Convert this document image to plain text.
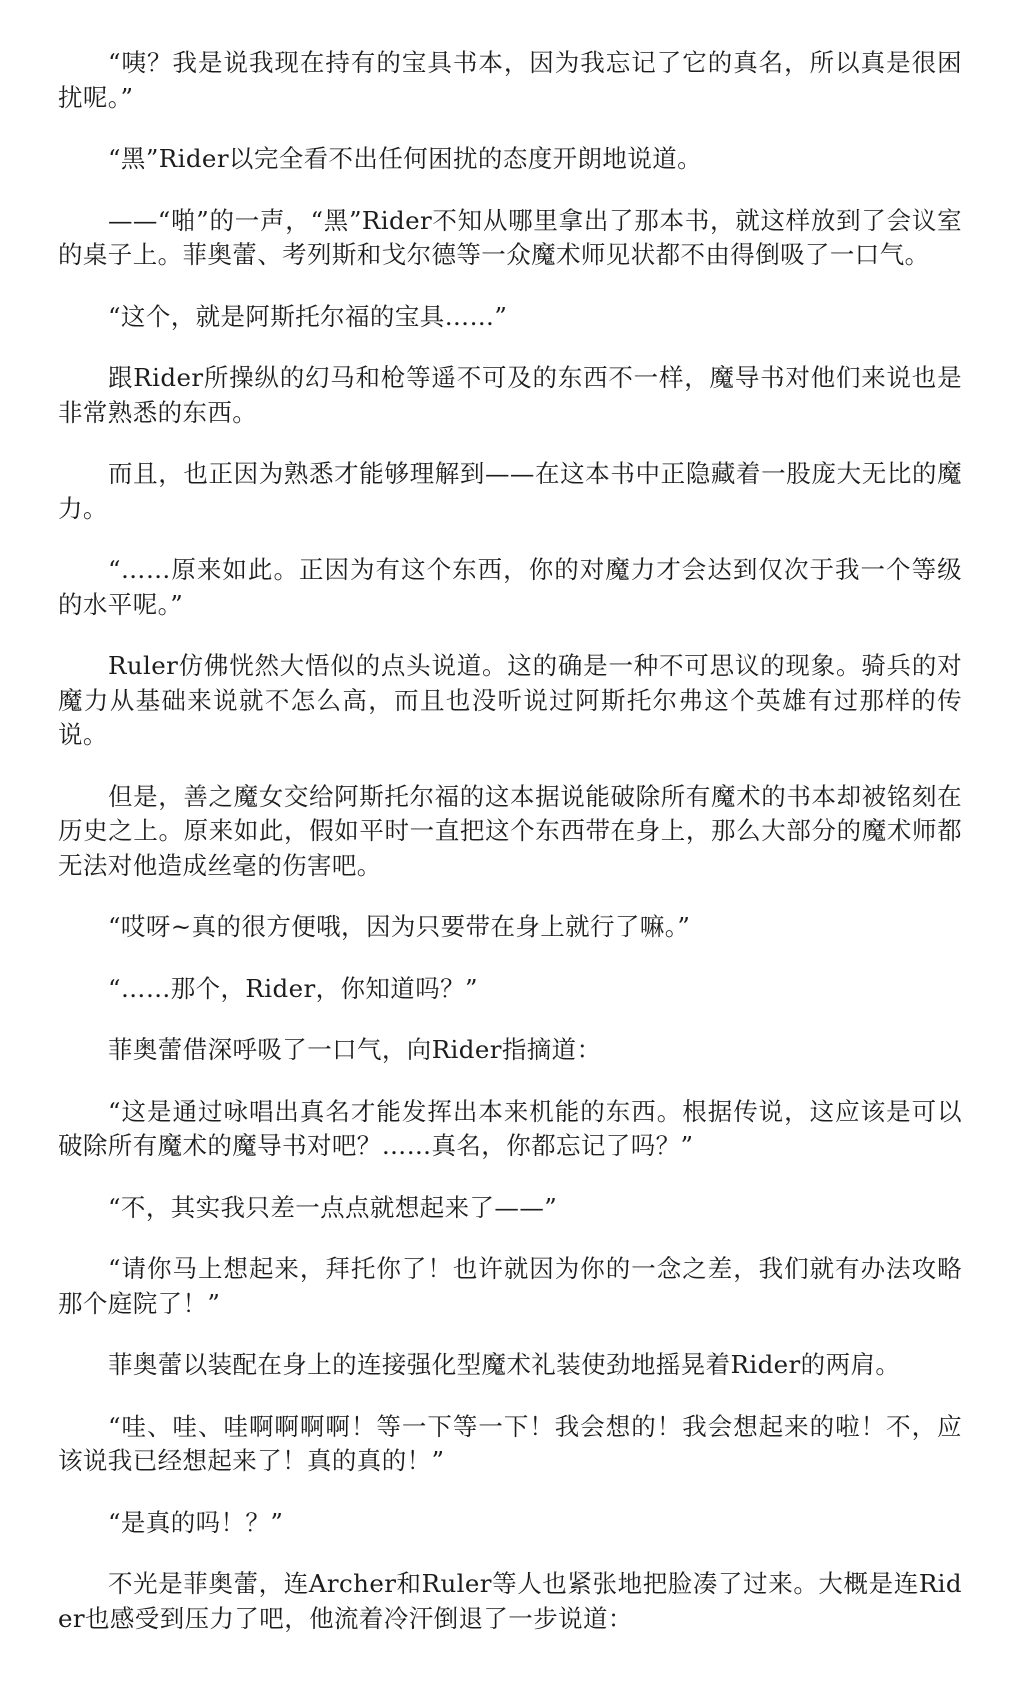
“咦？我是说我现在持有的宝具书本，因为我忘记了它的真名，所以真是很困扰呢。”

“黑”Rider以完全看不出任何困扰的态度开朗地说道。

——“啪”的一声，“黑”Rider不知从哪里拿出了那本书，就这样放到了会议室的桌子上。菲奥蕾、考列斯和戈尔德等一众魔术师见状都不由得倒吸了一口气。

“这个，就是阿斯托尔福的宝具……”

跟Rider所操纵的幻马和枪等遥不可及的东西不一样，魔导书对他们来说也是非常熟悉的东西。

而且，也正因为熟悉才能够理解到——在这本书中正隐藏着一股庞大无比的魔力。

“……原来如此。正因为有这个东西，你的对魔力才会达到仅次于我一个等级的水平呢。”

Ruler仿佛恍然大悟似的点头说道。这的确是一种不可思议的现象。骑兵的对魔力从基础来说就不怎么高，而且也没听说过阿斯托尔弗这个英雄有过那样的传说。

但是，善之魔女交给阿斯托尔福的这本据说能破除所有魔术的书本却被铭刻在历史之上。原来如此，假如平时一直把这个东西带在身上，那么大部分的魔术师都无法对他造成丝毫的伤害吧。

“哎呀~真的很方便哦，因为只要带在身上就行了嘛。”

“……那个，Rider，你知道吗？”

菲奥蕾借深呼吸了一口气，向Rider指摘道：

“这是通过咏唱出真名才能发挥出本来机能的东西。根据传说，这应该是可以破除所有魔术的魔导书对吧？……真名，你都忘记了吗？”

“不，其实我只差一点点就想起来了——”

“请你马上想起来，拜托你了！也许就因为你的一念之差，我们就有办法攻略那个庭院了！”

菲奥蕾以装配在身上的连接强化型魔术礼装使劲地摇晃着Rider的两肩。

“哇、哇、哇啊啊啊啊！等一下等一下！我会想的！我会想起来的啦！不，应该说我已经想起来了！真的真的！”

“是真的吗！？”

不光是菲奥蕾，连Archer和Ruler等人也紧张地把脸凑了过来。大概是连Rider也感受到压力了吧，他流着冷汗倒退了一步说道：
